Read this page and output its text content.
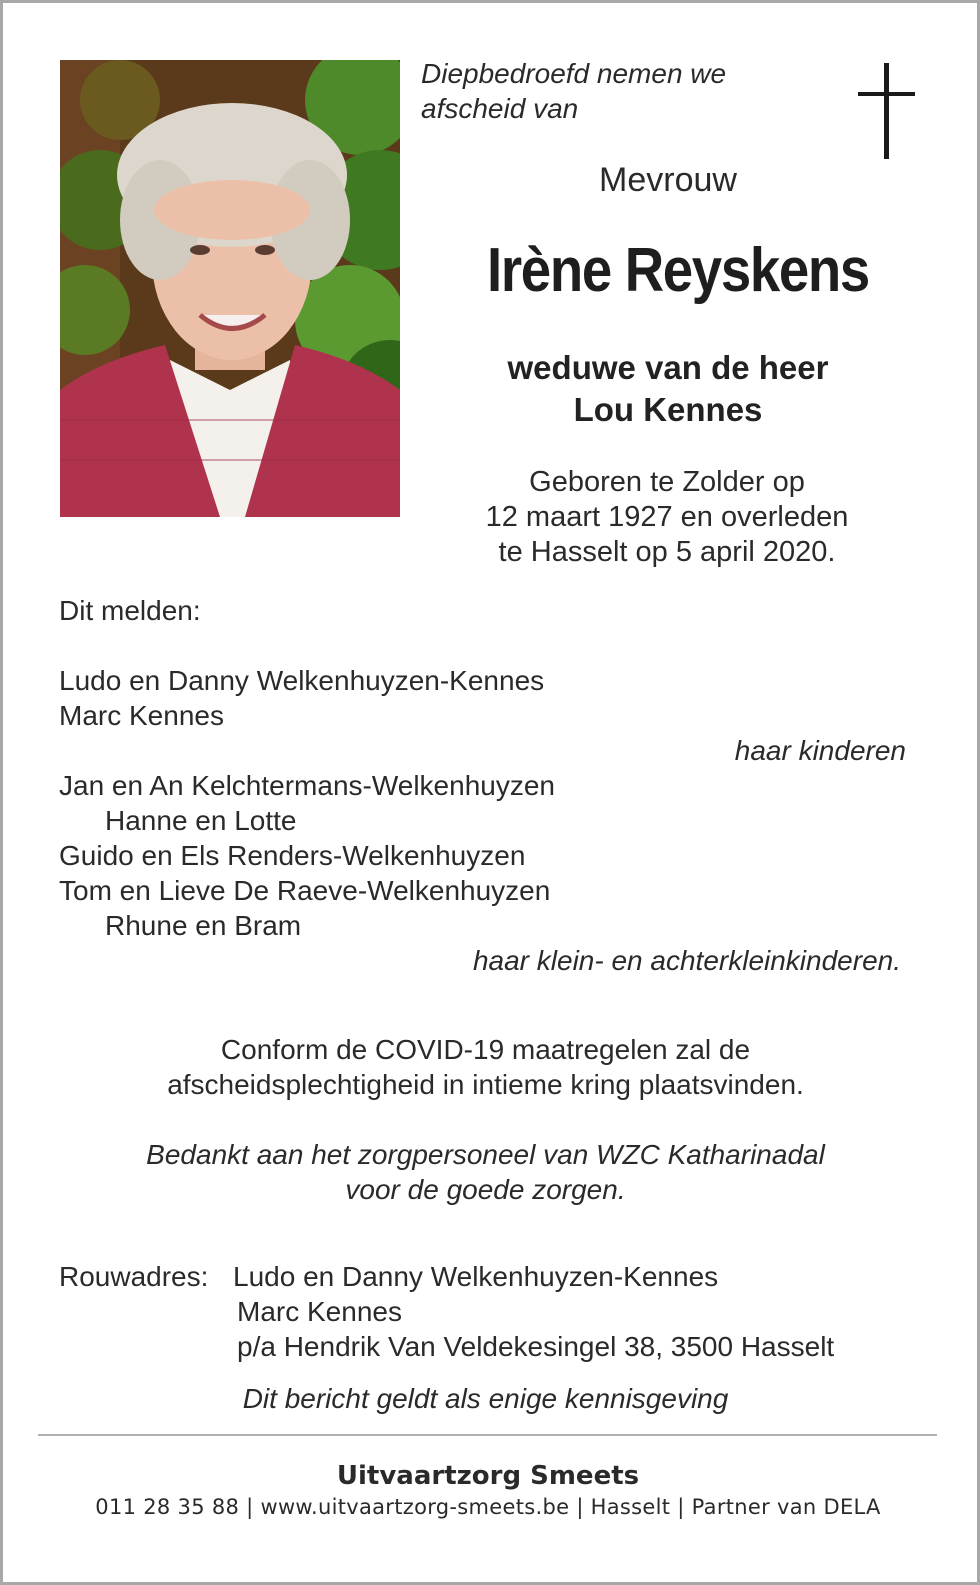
Diepbedroefd nemen we
afscheid van
Mevrouw
Irène Reyskens
weduwe van de heer
Lou Kennes
Geboren te Zolder op
12 maart 1927 en overleden
te Hasselt op 5 april 2020.
Dit melden:
Ludo en Danny Welkenhuyzen-Kennes
Marc Kennes
haar kinderen
Jan en An Kelchtermans-Welkenhuyzen
Hanne en Lotte
Guido en Els Renders-Welkenhuyzen
Tom en Lieve De Raeve-Welkenhuyzen
Rhune en Bram
haar klein- en achterkleinkinderen.
Conform de COVID-19 maatregelen zal de
afscheidsplechtigheid in intieme kring plaatsvinden.
Bedankt aan het zorgpersoneel van WZC Katharinadal
voor de goede zorgen.
Rouwadres: Ludo en Danny Welkenhuyzen-Kennes
Marc Kennes
p/a Hendrik Van Veldekesingel 38, 3500 Hasselt
Dit bericht geldt als enige kennisgeving
Uitvaartzorg Smeets
011 28 35 88 | www.uitvaartzorg-smeets.be | Hasselt | Partner van DELA
